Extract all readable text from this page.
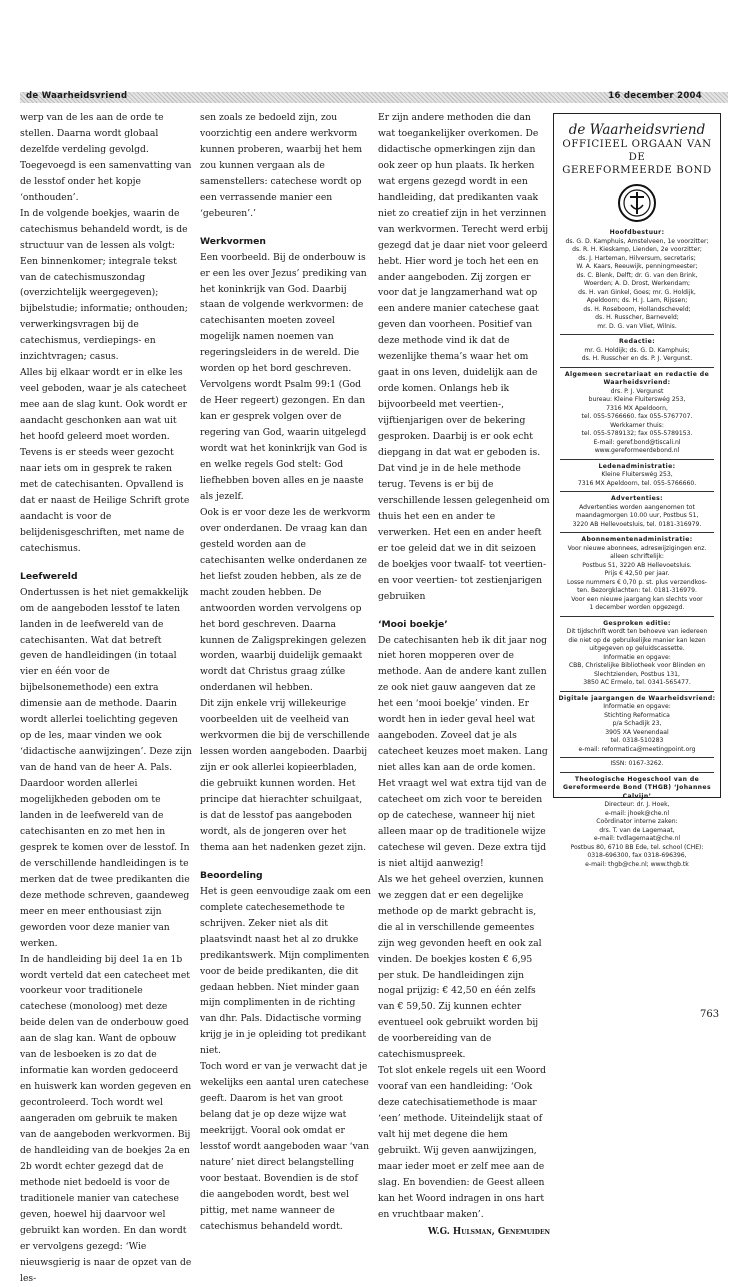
de Waarheidsvriend	16 december 2004

werp van de les aan de orde te stellen. Daarna wordt globaal dezelfde verdeling gevolgd. Toegevoegd is een samenvatting van de lesstof onder het kopje ‘onthouden’.

In de volgende boekjes, waarin de catechismus behandeld wordt, is de structuur van de lessen als volgt: Een binnenkomer; integrale tekst van de catechismuszondag (overzichtelijk weergegeven); bijbelstudie; informatie; onthouden; verwerkingsvragen bij de catechismus, verdiepings- en inzichtvragen; casus.

Alles bij elkaar wordt er in elke les veel geboden, waar je als catecheet mee aan de slag kunt. Ook wordt er aandacht geschonken aan wat uit het hoofd geleerd moet worden. Tevens is er steeds weer gezocht naar iets om in gesprek te raken met de catechisanten. Opvallend is dat er naast de Heilige Schrift grote aandacht is voor de belijdenisgeschriften, met name de catechismus.

Leefwereld

Ondertussen is het niet gemakkelijk om de aangeboden lesstof te laten landen in de leefwereld van de catechisanten. Wat dat betreft geven de handleidingen (in totaal vier en één voor de bijbelsonemethode) een extra dimensie aan de methode. Daarin wordt allerlei toelichting gegeven op de les, maar vinden we ook ‘didactische aanwijzingen’. Deze zijn van de hand van de heer A. Pals. Daardoor worden allerlei mogelijkheden geboden om te landen in de leefwereld van de catechisanten en zo met hen in gesprek te komen over de lesstof. In de verschillende handleidingen is te merken dat de twee predikanten die deze methode schreven, gaandeweg meer en meer enthousiast zijn geworden voor deze manier van werken.

In de handleiding bij deel 1a en 1b wordt verteld dat een catecheet met voorkeur voor traditionele catechese (monoloog) met deze beide delen van de onderbouw goed aan de slag kan. Want de opbouw van de lesboeken is zo dat de informatie kan worden gedoceerd en huiswerk kan worden gegeven en gecontroleerd. Toch wordt wel aangeraden om gebruik te maken van de aangeboden werkvormen. Bij de handleiding van de boekjes 2a en 2b wordt echter gezegd dat de methode niet bedoeld is voor de traditionele manier van catechese geven, hoewel hij daarvoor wel gebruikt kan worden. En dan wordt er vervolgens gezegd: ‘Wie nieuwsgierig is naar de opzet van de les-

sen zoals ze bedoeld zijn, zou voorzichtig een andere werkvorm kunnen proberen, waarbij het hem zou kunnen vergaan als de samenstellers: catechese wordt op een verrassende manier een ‘gebeuren’.’

Werkvormen

Een voorbeeld. Bij de onderbouw is er een les over Jezus’ prediking van het koninkrijk van God. Daarbij staan de volgende werkvormen: de catechisanten moeten zoveel mogelijk namen noemen van regeringsleiders in de wereld. Die worden op het bord geschreven. Vervolgens wordt Psalm 99:1 (God de Heer regeert) gezongen. En dan kan er gesprek volgen over de regering van God, waarin uitgelegd wordt wat het koninkrijk van God is en welke regels God stelt: God liefhebben boven alles en je naaste als jezelf.

Ook is er voor deze les de werkvorm over onderdanen. De vraag kan dan gesteld worden aan de catechisanten welke onderdanen ze het liefst zouden hebben, als ze de macht zouden hebben. De antwoorden worden vervolgens op het bord geschreven. Daarna kunnen de Zaligsprekingen gelezen worden, waarbij duidelijk gemaakt wordt dat Christus graag zúlke onderdanen wil hebben.

Dit zijn enkele vrij willekeurige voorbeelden uit de veelheid van werkvormen die bij de verschillende lessen worden aangeboden. Daarbij zijn er ook allerlei kopieerbladen, die gebruikt kunnen worden. Het principe dat hierachter schuilgaat, is dat de lesstof pas aangeboden wordt, als de jongeren over het thema aan het nadenken gezet zijn.

Beoordeling

Het is geen eenvoudige zaak om een complete catechesemethode te schrijven. Zeker niet als dit plaatsvindt naast het al zo drukke predikantswerk. Mijn complimenten voor de beide predikanten, die dit gedaan hebben. Niet minder gaan mijn complimenten in de richting van dhr. Pals. Didactische vorming krijg je in je opleiding tot predikant niet.

Toch word er van je verwacht dat je wekelijks een aantal uren catechese geeft. Daarom is het van groot belang dat je op deze wijze wat meekrijgt. Vooral ook omdat er lesstof wordt aangeboden waar ‘van nature’ niet direct belangstelling voor bestaat. Bovendien is de stof die aangeboden wordt, best wel pittig, met name wanneer de catechismus behandeld wordt.

Er zijn andere methoden die dan wat toegankelijker overkomen. De didactische opmerkingen zijn dan ook zeer op hun plaats. Ik herken wat ergens gezegd wordt in een handleiding, dat predikanten vaak niet zo creatief zijn in het verzinnen van werkvormen. Terecht werd erbij gezegd dat je daar niet voor geleerd hebt. Hier word je toch het een en ander aangeboden. Zij zorgen er voor dat je langzamerhand wat op een andere manier catechese gaat geven dan voorheen. Positief van deze methode vind ik dat de wezenlijke thema’s waar het om gaat in ons leven, duidelijk aan de orde komen. Onlangs heb ik bijvoorbeeld met veertien-, vijftienjarigen over de bekering gesproken. Daarbij is er ook echt diepgang in dat wat er geboden is. Dat vind je in de hele methode terug. Tevens is er bij de verschillende lessen gelegenheid om thuis het een en ander te verwerken. Het een en ander heeft er toe geleid dat we in dit seizoen de boekjes voor twaalf- tot veertien- en voor veertien- tot zestienjarigen gebruiken

‘Mooi boekje’

De catechisanten heb ik dit jaar nog niet horen mopperen over de methode. Aan de andere kant zullen ze ook niet gauw aangeven dat ze het een ‘mooi boekje’ vinden. Er wordt hen in ieder geval heel wat aangeboden. Zoveel dat je als catecheet keuzes moet maken. Lang niet alles kan aan de orde komen.

Het vraagt wel wat extra tijd van de catecheet om zich voor te bereiden op de catechese, wanneer hij niet alleen maar op de traditionele wijze catechese wil geven. Deze extra tijd is niet altijd aanwezig!

Als we het geheel overzien, kunnen we zeggen dat er een degelijke methode op de markt gebracht is, die al in verschillende gemeentes zijn weg gevonden heeft en ook zal vinden. De boekjes kosten € 6,95 per stuk. De handleidingen zijn nogal prijzig: € 42,50 en één zelfs van € 59,50. Zij kunnen echter eventueel ook gebruikt worden bij de voorbereiding van de catechismuspreek.

Tot slot enkele regels uit een Woord vooraf van een handleiding: ‘Ook deze catechisatiemethode is maar ‘een’ methode. Uiteindelijk staat of valt hij met degene die hem gebruikt. Wij geven aanwijzingen, maar ieder moet er zelf mee aan de slag. En bovendien: de Geest alleen kan het Woord indragen in ons hart en vruchtbaar maken’.

W.G. Hulsman, Genemuiden

de Waarheidsvriend
OFFICIEEL ORGAAN VAN DE
GEREFORMEERDE BOND
Hoofdbestuur:
ds. G. D. Kamphuis, Amstelveen, 1e voorzitter;
ds. R. H. Kieskamp, Lienden, 2e voorzitter;
ds. J. Harteman, Hilversum, secretaris;
W. A. Kaars, Reeuwijk, penningmeester;
ds. C. Blenk, Delft; dr. G. van den Brink,
Woerden; A. D. Drost, Werkendam;
ds. H. van Ginkel, Goes; mr. G. Holdijk,
Apeldoorn; ds. H. J. Lam, Rijssen;
ds. H. Roseboom, Hollandscheveld;
ds. H. Russcher, Barneveld;
mr. D. G. van Vliet, Wilnis.
Redactie:
mr. G. Holdijk; ds. G. D. Kamphuis;
ds. H. Russcher en ds. P. J. Vergunst.
Algemeen secretariaat en redactie de Waarheidsvriend:
drs. P. J. Vergunst
bureau: Kleine Fluiterswég 253,
7316 MX Apeldoorn,
tel. 055-5766660. fax 055-5767707.
Werkkamer thuis:
tel. 055-5789132; fax 055-5789153.
E-mail: geref.bond@tiscali.nl
www.gereformeerdebond.nl
Ledenadministratie:
Kleine Fluiterswég 253,
7316 MX Apeldoorn, tel. 055-5766660.
Advertenties:
Advertenties worden aangenomen tot
maandagmorgen 10.00 uur, Postbus 51,
3220 AB Hellevoetsluis, tel. 0181-316979.
Abonnementenadministratie:
Voor nieuwe abonnees, adreswijzigingen enz.
alleen schriftelijk:
Postbus 51, 3220 AB Hellevoetsluis.
Prijs € 42,50 per jaar.
Losse nummers € 0,70 p. st. plus verzendkos-
ten. Bezorgklachten: tel. 0181-316979.
Voor een nieuwe jaargang kan slechts voor
1 december worden opgezegd.
Gesproken editie:
Dit tijdschrift wordt ten behoeve van iedereen
die niet op de gebruikelijke manier kan lezen
uitgegeven op geluidscassette.
Informatie en opgave:
CBB, Christelijke Bibliotheek voor Blinden en
Slechtzienden, Postbus 131,
3850 AC Ermelo, tel. 0341-565477.
Digitale jaargangen de Waarheidsvriend:
Informatie en opgave:
Stichting Reformatica
p/a Schadijk 23,
3905 XA Veenendaal
tel. 0318-510283
e-mail: reformatica@meetingpoint.org
ISSN: 0167-3262.
Theologische Hogeschool van de Gereformeerde Bond (THGB) ‘Johannes Calvijn’
Directeur: dr. J. Hoek,
e-mail: jhoek@che.nl
Coördinator interne zaken:
drs. T. van de Lagemaat,
e-mail: tvdlagemaat@che.nl
Postbus 80, 6710 BB Ede, tel. school (CHE):
0318-696300, fax 0318-696396,
e-mail: thgb@che.nl; www.thgb.tk
763
